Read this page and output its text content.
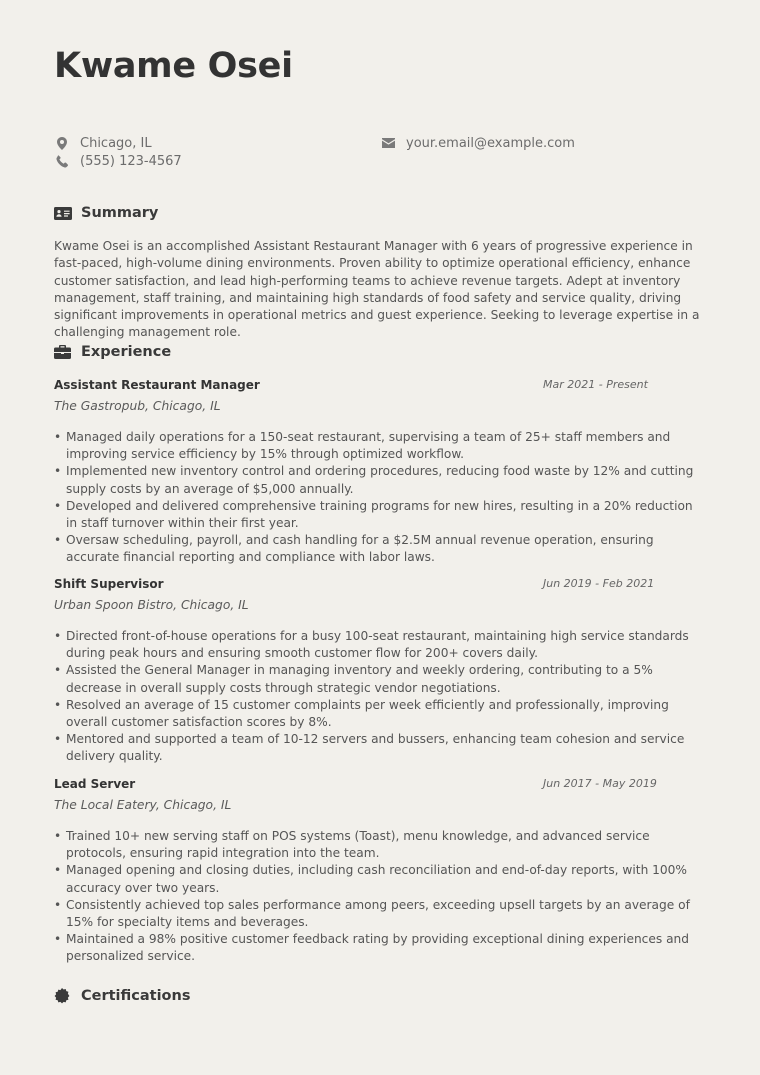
Kwame Osei
Chicago, IL
(555) 123-4567
your.email@example.com
Summary

Kwame Osei is an accomplished Assistant Restaurant Manager with 6 years of progressive experience in fast-paced, high-volume dining environments. Proven ability to optimize operational efficiency, enhance customer satisfaction, and lead high-performing teams to achieve revenue targets. Adept at inventory management, staff training, and maintaining high standards of food safety and service quality, driving significant improvements in operational metrics and guest experience. Seeking to leverage expertise in a challenging management role.

Experience
Assistant Restaurant Manager	Mar 2021 - Present
The Gastropub, Chicago, IL
• Managed daily operations for a 150-seat restaurant, supervising a team of 25+ staff members and improving service efficiency by 15% through optimized workflow.
• Implemented new inventory control and ordering procedures, reducing food waste by 12% and cutting supply costs by an average of $5,000 annually.
• Developed and delivered comprehensive training programs for new hires, resulting in a 20% reduction in staff turnover within their first year.
• Oversaw scheduling, payroll, and cash handling for a $2.5M annual revenue operation, ensuring accurate financial reporting and compliance with labor laws.
Shift Supervisor	Jun 2019 - Feb 2021
Urban Spoon Bistro, Chicago, IL
• Directed front-of-house operations for a busy 100-seat restaurant, maintaining high service standards during peak hours and ensuring smooth customer flow for 200+ covers daily.
• Assisted the General Manager in managing inventory and weekly ordering, contributing to a 5% decrease in overall supply costs through strategic vendor negotiations.
• Resolved an average of 15 customer complaints per week efficiently and professionally, improving overall customer satisfaction scores by 8%.
• Mentored and supported a team of 10-12 servers and bussers, enhancing team cohesion and service delivery quality.
Lead Server	Jun 2017 - May 2019
The Local Eatery, Chicago, IL
• Trained 10+ new serving staff on POS systems (Toast), menu knowledge, and advanced service protocols, ensuring rapid integration into the team.
• Managed opening and closing duties, including cash reconciliation and end-of-day reports, with 100% accuracy over two years.
• Consistently achieved top sales performance among peers, exceeding upsell targets by an average of 15% for specialty items and beverages.
• Maintained a 98% positive customer feedback rating by providing exceptional dining experiences and personalized service.
Certifications
